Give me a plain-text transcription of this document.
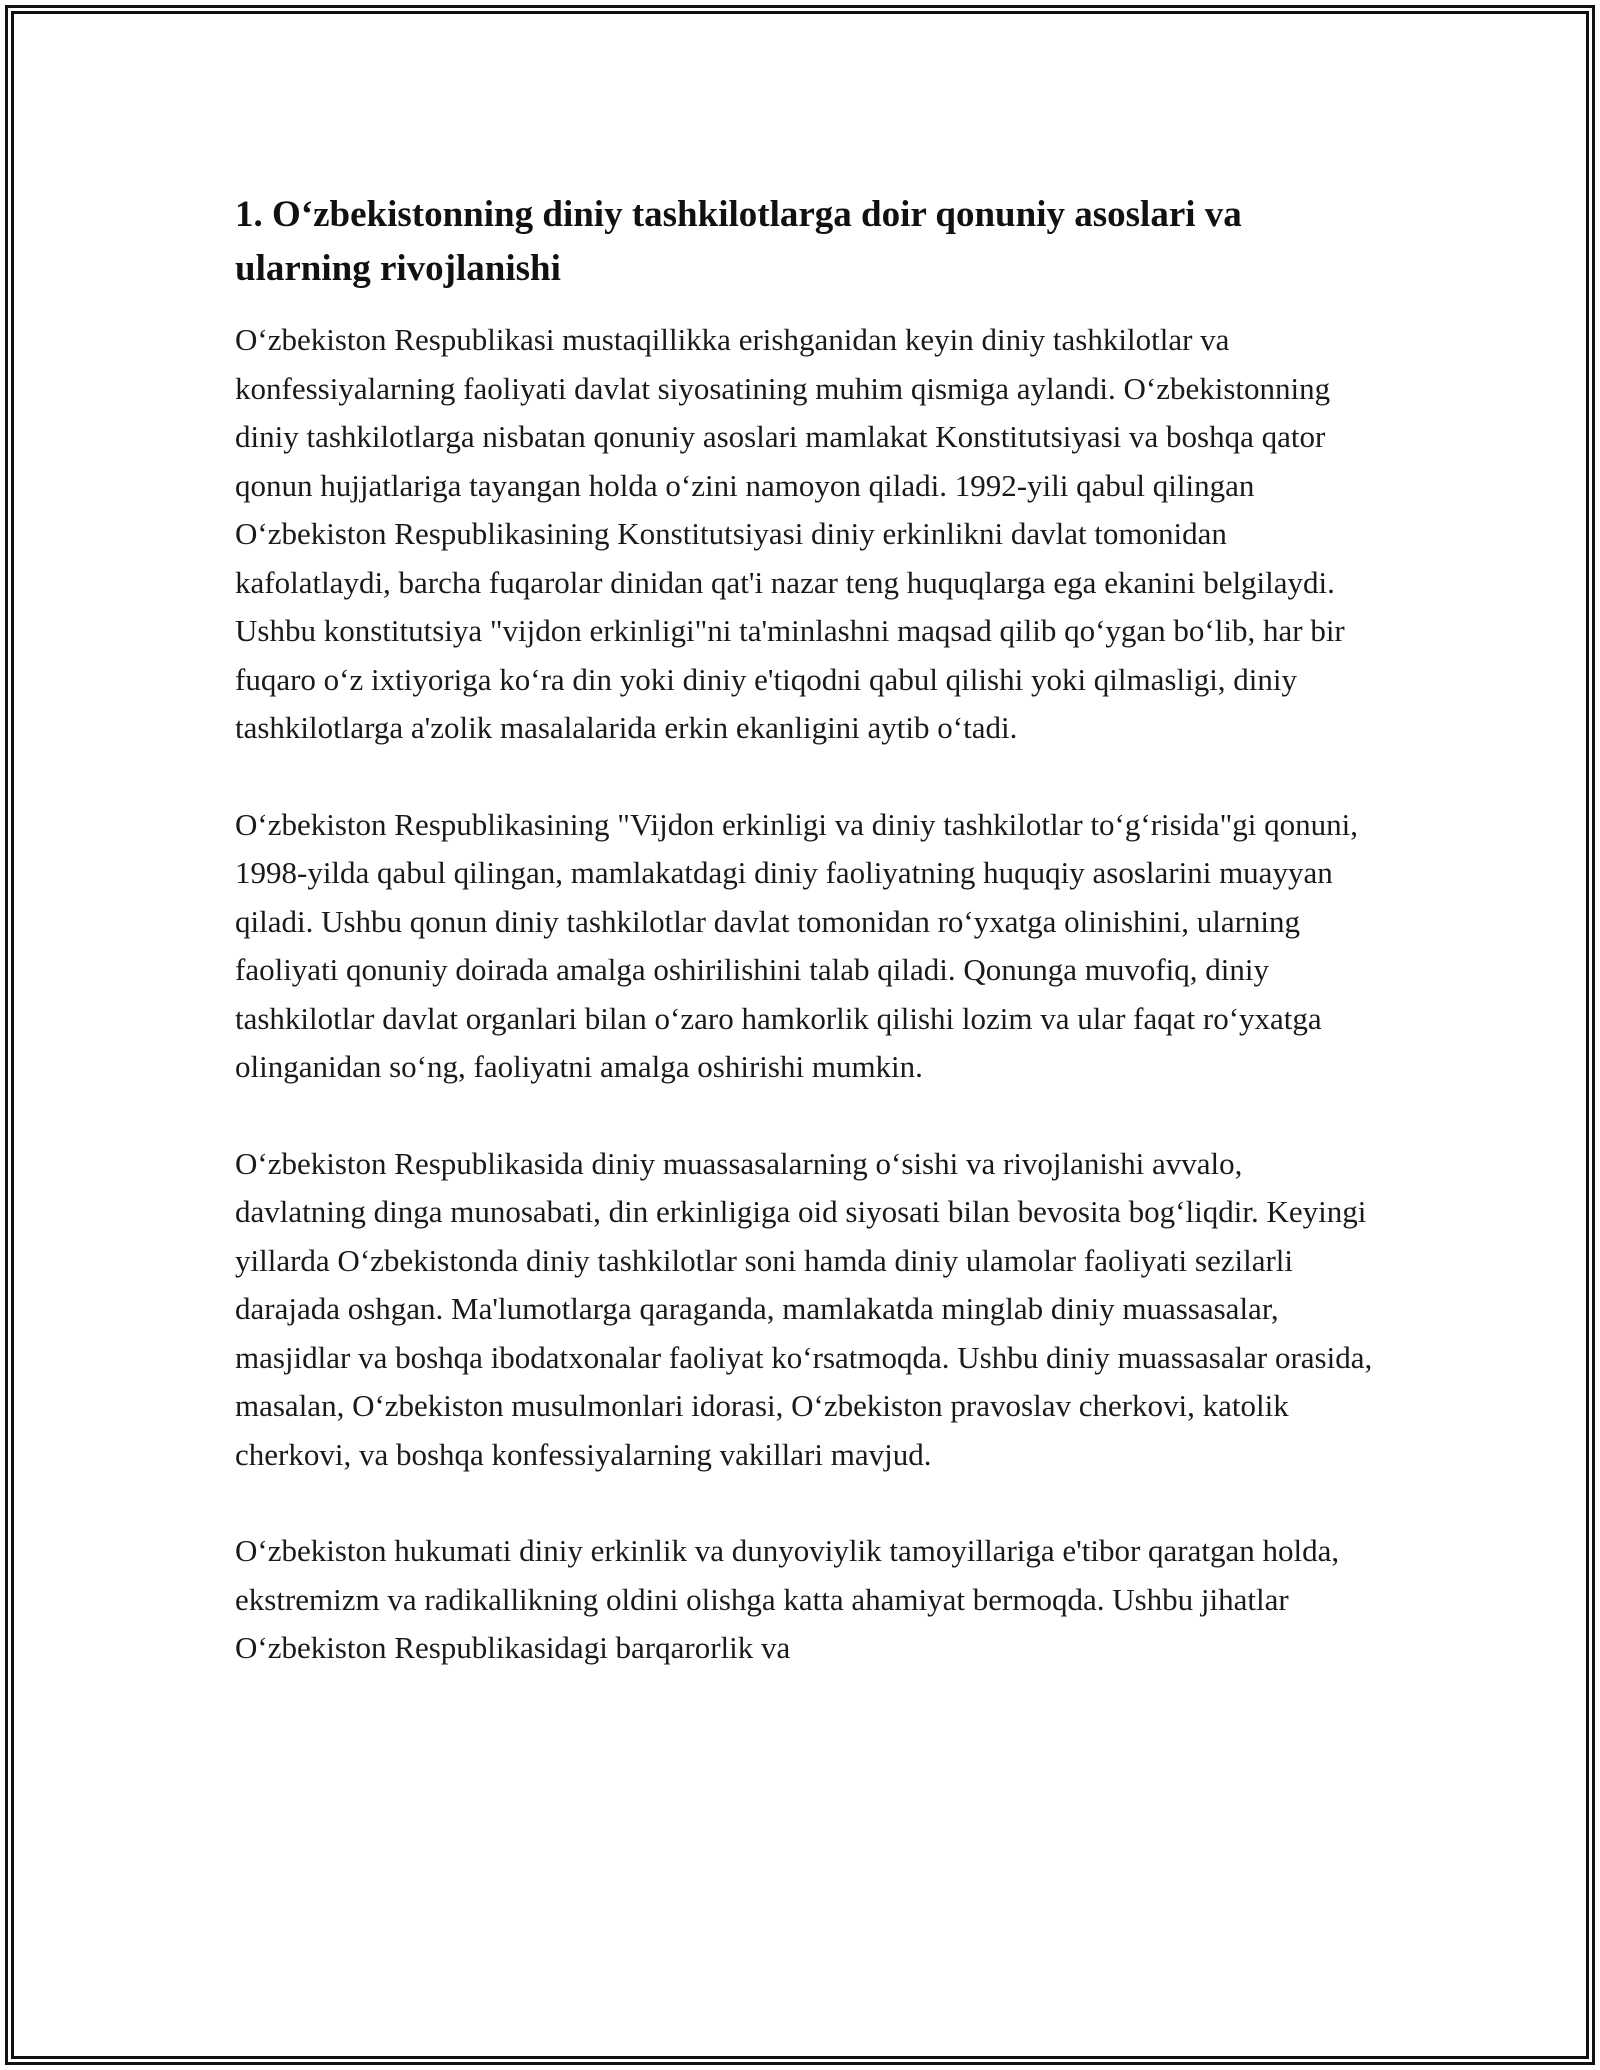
1. O‘zbekistonning diniy tashkilotlarga doir qonuniy asoslari va ularning rivojlanishi

O‘zbekiston Respublikasi mustaqillikka erishganidan keyin diniy tashkilotlar va konfessiyalarning faoliyati davlat siyosatining muhim qismiga aylandi. O‘zbekistonning diniy tashkilotlarga nisbatan qonuniy asoslari mamlakat Konstitutsiyasi va boshqa qator qonun hujjatlariga tayangan holda o‘zini namoyon qiladi. 1992-yili qabul qilingan O‘zbekiston Respublikasining Konstitutsiyasi diniy erkinlikni davlat tomonidan kafolatlaydi, barcha fuqarolar dinidan qat'i nazar teng huquqlarga ega ekanini belgilaydi. Ushbu konstitutsiya "vijdon erkinligi"ni ta'minlashni maqsad qilib qo‘ygan bo‘lib, har bir fuqaro o‘z ixtiyoriga ko‘ra din yoki diniy e'tiqodni qabul qilishi yoki qilmasligi, diniy tashkilotlarga a'zolik masalalarida erkin ekanligini aytib o‘tadi.

O‘zbekiston Respublikasining "Vijdon erkinligi va diniy tashkilotlar to‘g‘risida"gi qonuni, 1998-yilda qabul qilingan, mamlakatdagi diniy faoliyatning huquqiy asoslarini muayyan qiladi. Ushbu qonun diniy tashkilotlar davlat tomonidan ro‘yxatga olinishini, ularning faoliyati qonuniy doirada amalga oshirilishini talab qiladi. Qonunga muvofiq, diniy tashkilotlar davlat organlari bilan o‘zaro hamkorlik qilishi lozim va ular faqat ro‘yxatga olinganidan so‘ng, faoliyatni amalga oshirishi mumkin.

O‘zbekiston Respublikasida diniy muassasalarning o‘sishi va rivojlanishi avvalo, davlatning dinga munosabati, din erkinligiga oid siyosati bilan bevosita bog‘liqdir. Keyingi yillarda O‘zbekistonda diniy tashkilotlar soni hamda diniy ulamolar faoliyati sezilarli darajada oshgan. Ma'lumotlarga qaraganda, mamlakatda minglab diniy muassasalar, masjidlar va boshqa ibodatxonalar faoliyat ko‘rsatmoqda. Ushbu diniy muassasalar orasida, masalan, O‘zbekiston musulmonlari idorasi, O‘zbekiston pravoslav cherkovi, katolik cherkovi, va boshqa konfessiyalarning vakillari mavjud.

O‘zbekiston hukumati diniy erkinlik va dunyoviylik tamoyillariga e'tibor qaratgan holda, ekstremizm va radikallikning oldini olishga katta ahamiyat bermoqda. Ushbu jihatlar O‘zbekiston Respublikasidagi barqarorlik va
